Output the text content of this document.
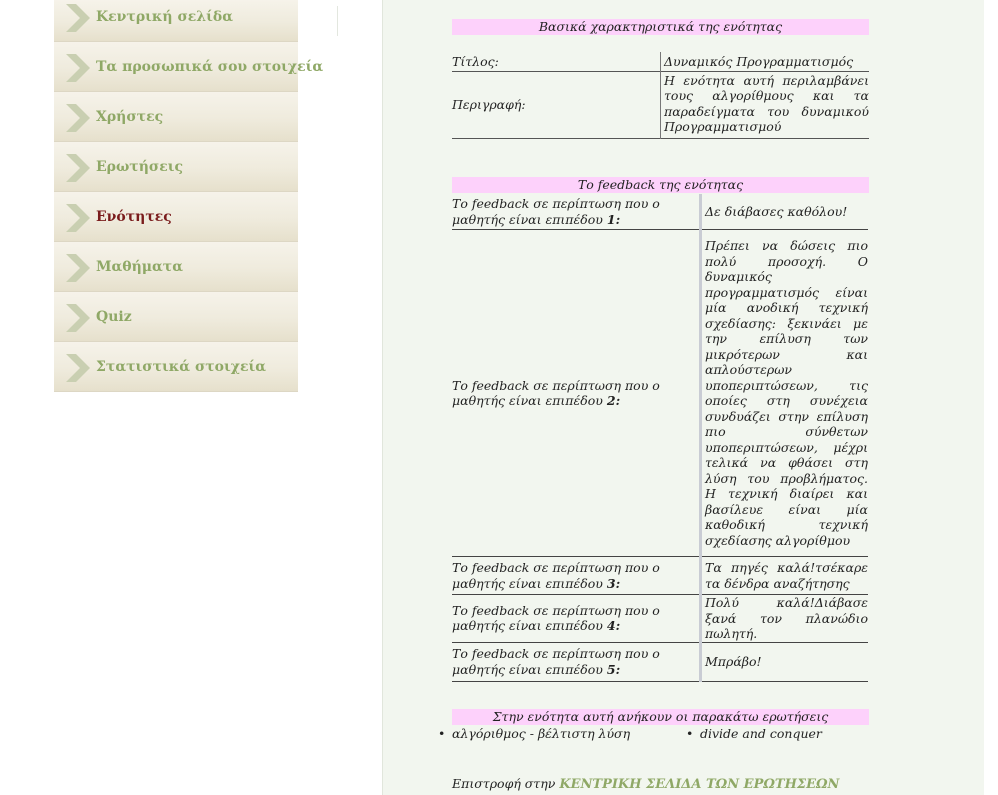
Κεντρική σελίδα
Τα προσωπικά σου στοιχεία
Χρήστες
Ερωτήσεις
Ενότητες
Μαθήματα
Quiz
Στατιστικά στοιχεία
Βασικά χαρακτηριστικά της ενότητας
Τίτλος:	Δυναμικός Προγραμματισμός
Περιγραφή:	Η ενότητα αυτή περιλαμβάνει τους αλγορίθμους και τα παραδείγματα του δυναμικού Προγραμματισμού
Το feedback της ενότητας
Το feedback σε περίπτωση που ο μαθητής είναι επιπέδου 1:	Δε διάβασες καθόλου!
Το feedback σε περίπτωση που ο μαθητής είναι επιπέδου 2:	Πρέπει να δώσεις πιο πολύ προσοχή. Ο δυναμικός προγραμματισμός είναι μία ανοδική τεχνική σχεδίασης: ξεκινάει με την επίλυση των μικρότερων και απλούστερων υποπεριπτώσεων, τις οποίες στη συνέχεια συνδυάζει στην επίλυση πιο σύνθετων υποπεριπτώσεων, μέχρι τελικά να φθάσει στη λύση του προβλήματος. Η τεχνική διαίρει και βασίλευε είναι μία καθοδική τεχνική σχεδίασης αλγορίθμου
Το feedback σε περίπτωση που ο μαθητής είναι επιπέδου 3:	Τα πηγές καλά!τσέκαρε τα δένδρα αναζήτησης
Το feedback σε περίπτωση που ο μαθητής είναι επιπέδου 4:	Πολύ καλά!Διάβασε ξανά τον πλανώδιο πωλητή.
Το feedback σε περίπτωση που ο μαθητής είναι επιπέδου 5:	Μπράβο!
Στην ενότητα αυτή ανήκουν οι παρακάτω ερωτήσεις
• αλγόριθμος - βέλτιστη λύση	• divide and conquer
Επιστροφή στην ΚΕΝΤΡΙΚΗ ΣΕΛΙΔΑ ΤΩΝ ΕΡΩΤΗΣΕΩΝ
